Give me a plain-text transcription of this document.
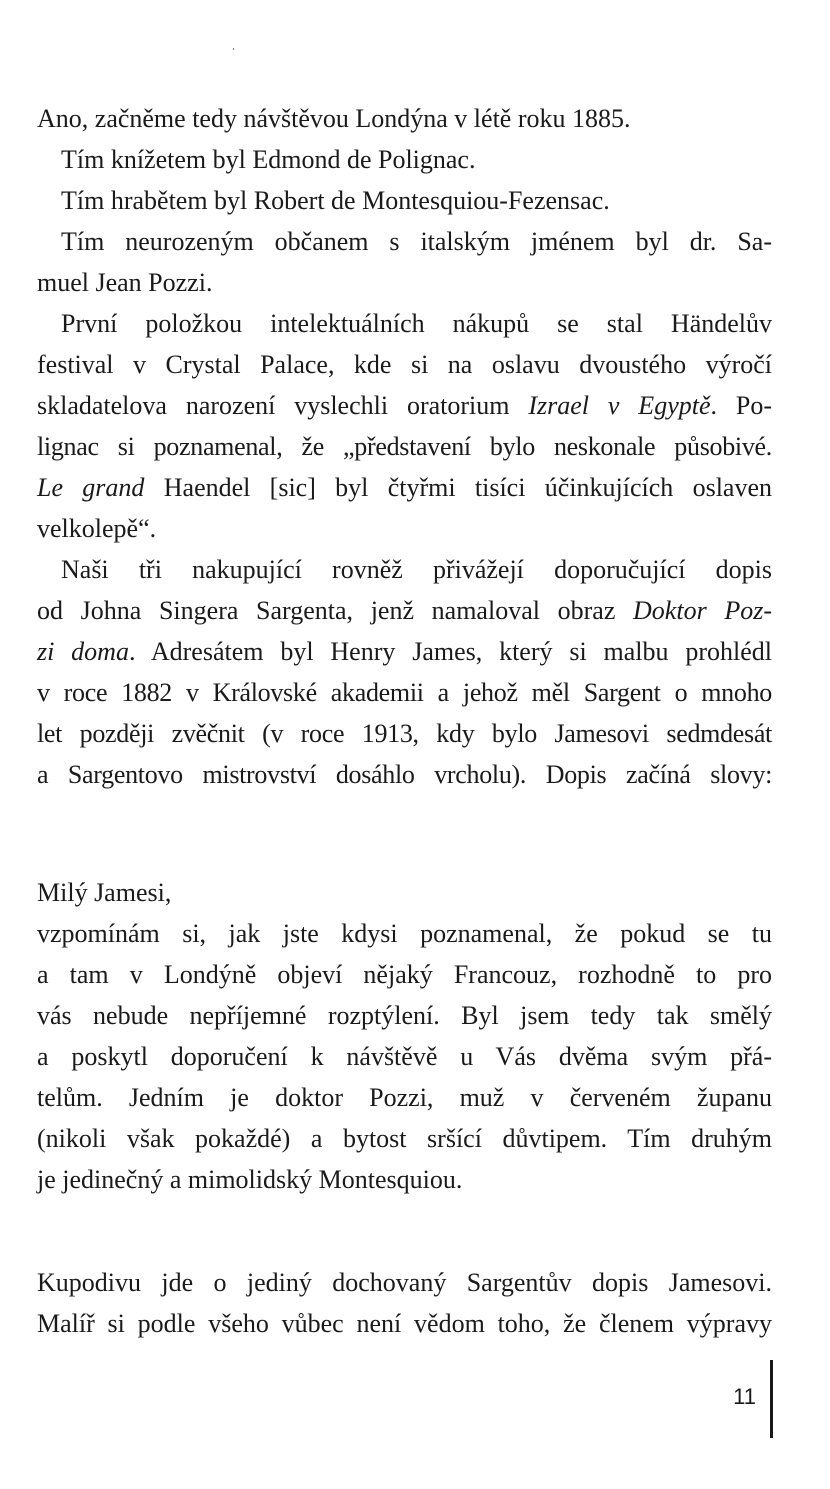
Ano, začněme tedy návštěvou Londýna v létě roku 1885.
Tím knížetem byl Edmond de Polignac.
Tím hrabětem byl Robert de Montesquiou-Fezensac.
Tím neurozeným občanem s italským jménem byl dr. Sa-
muel Jean Pozzi.
První položkou intelektuálních nákupů se stal Händelův
festival v Crystal Palace, kde si na oslavu dvoustého výročí
skladatelova narození vyslechli oratorium Izrael v Egyptě. Po-
lignac si poznamenal, že „představení bylo neskonale působivé.
Le grand Haendel [sic] byl čtyřmi tisíci účinkujících oslaven
velkolepě“.
Naši tři nakupující rovněž přivážejí doporučující dopis
od Johna Singera Sargenta, jenž namaloval obraz Doktor Poz-
zi doma. Adresátem byl Henry James, který si malbu prohlédl
v roce 1882 v Královské akademii a jehož měl Sargent o mnoho
let později zvěčnit (v roce 1913, kdy bylo Jamesovi sedmdesát
a Sargentovo mistrovství dosáhlo vrcholu). Dopis začíná slovy:
Milý Jamesi,
vzpomínám si, jak jste kdysi poznamenal, že pokud se tu
a tam v Londýně objeví nějaký Francouz, rozhodně to pro
vás nebude nepříjemné rozptýlení. Byl jsem tedy tak smělý
a poskytl doporučení k návštěvě u Vás dvěma svým přá-
telům. Jedním je doktor Pozzi, muž v červeném županu
(nikoli však pokaždé) a bytost sršící důvtipem. Tím druhým
je jedinečný a mimolidský Montesquiou.
Kupodivu jde o jediný dochovaný Sargentův dopis Jamesovi.
Malíř si podle všeho vůbec není vědom toho, že členem výpravy
11
